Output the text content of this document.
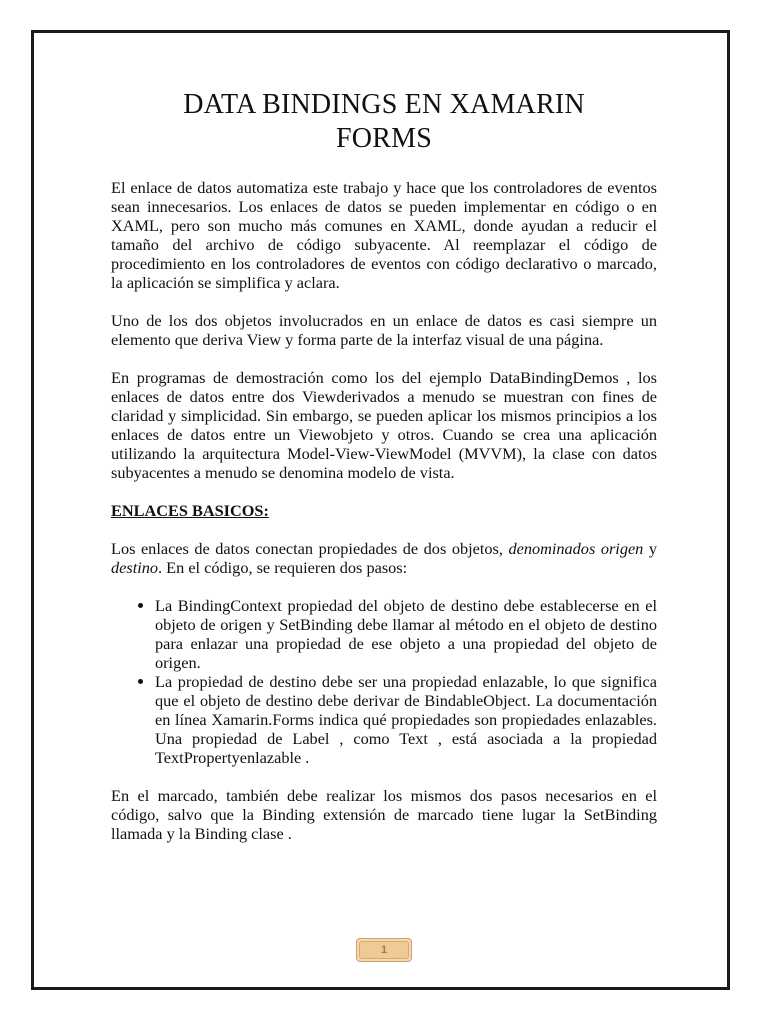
DATA BINDINGS EN XAMARIN
FORMS

El enlace de datos automatiza este trabajo y hace que los controladores de eventos sean innecesarios. Los enlaces de datos se pueden implementar en código o en XAML, pero son mucho más comunes en XAML, donde ayudan a reducir el tamaño del archivo de código subyacente. Al reemplazar el código de procedimiento en los controladores de eventos con código declarativo o marcado, la aplicación se simplifica y aclara.

Uno de los dos objetos involucrados en un enlace de datos es casi siempre un elemento que deriva View y forma parte de la interfaz visual de una página.

En programas de demostración como los del ejemplo DataBindingDemos , los enlaces de datos entre dos Viewderivados a menudo se muestran con fines de claridad y simplicidad. Sin embargo, se pueden aplicar los mismos principios a los enlaces de datos entre un Viewobjeto y otros. Cuando se crea una aplicación utilizando la arquitectura Model-View-ViewModel (MVVM), la clase con datos subyacentes a menudo se denomina modelo de vista.

ENLACES BASICOS:

Los enlaces de datos conectan propiedades de dos objetos, denominados origen y destino. En el código, se requieren dos pasos:

• La BindingContext propiedad del objeto de destino debe establecerse en el objeto de origen y SetBinding debe llamar al método en el objeto de destino para enlazar una propiedad de ese objeto a una propiedad del objeto de origen.
• La propiedad de destino debe ser una propiedad enlazable, lo que significa que el objeto de destino debe derivar de BindableObject. La documentación en línea Xamarin.Forms indica qué propiedades son propiedades enlazables. Una propiedad de Label , como Text , está asociada a la propiedad TextPropertyenlazable .

En el marcado, también debe realizar los mismos dos pasos necesarios en el código, salvo que la Binding extensión de marcado tiene lugar la SetBinding llamada y la Binding clase .

1
